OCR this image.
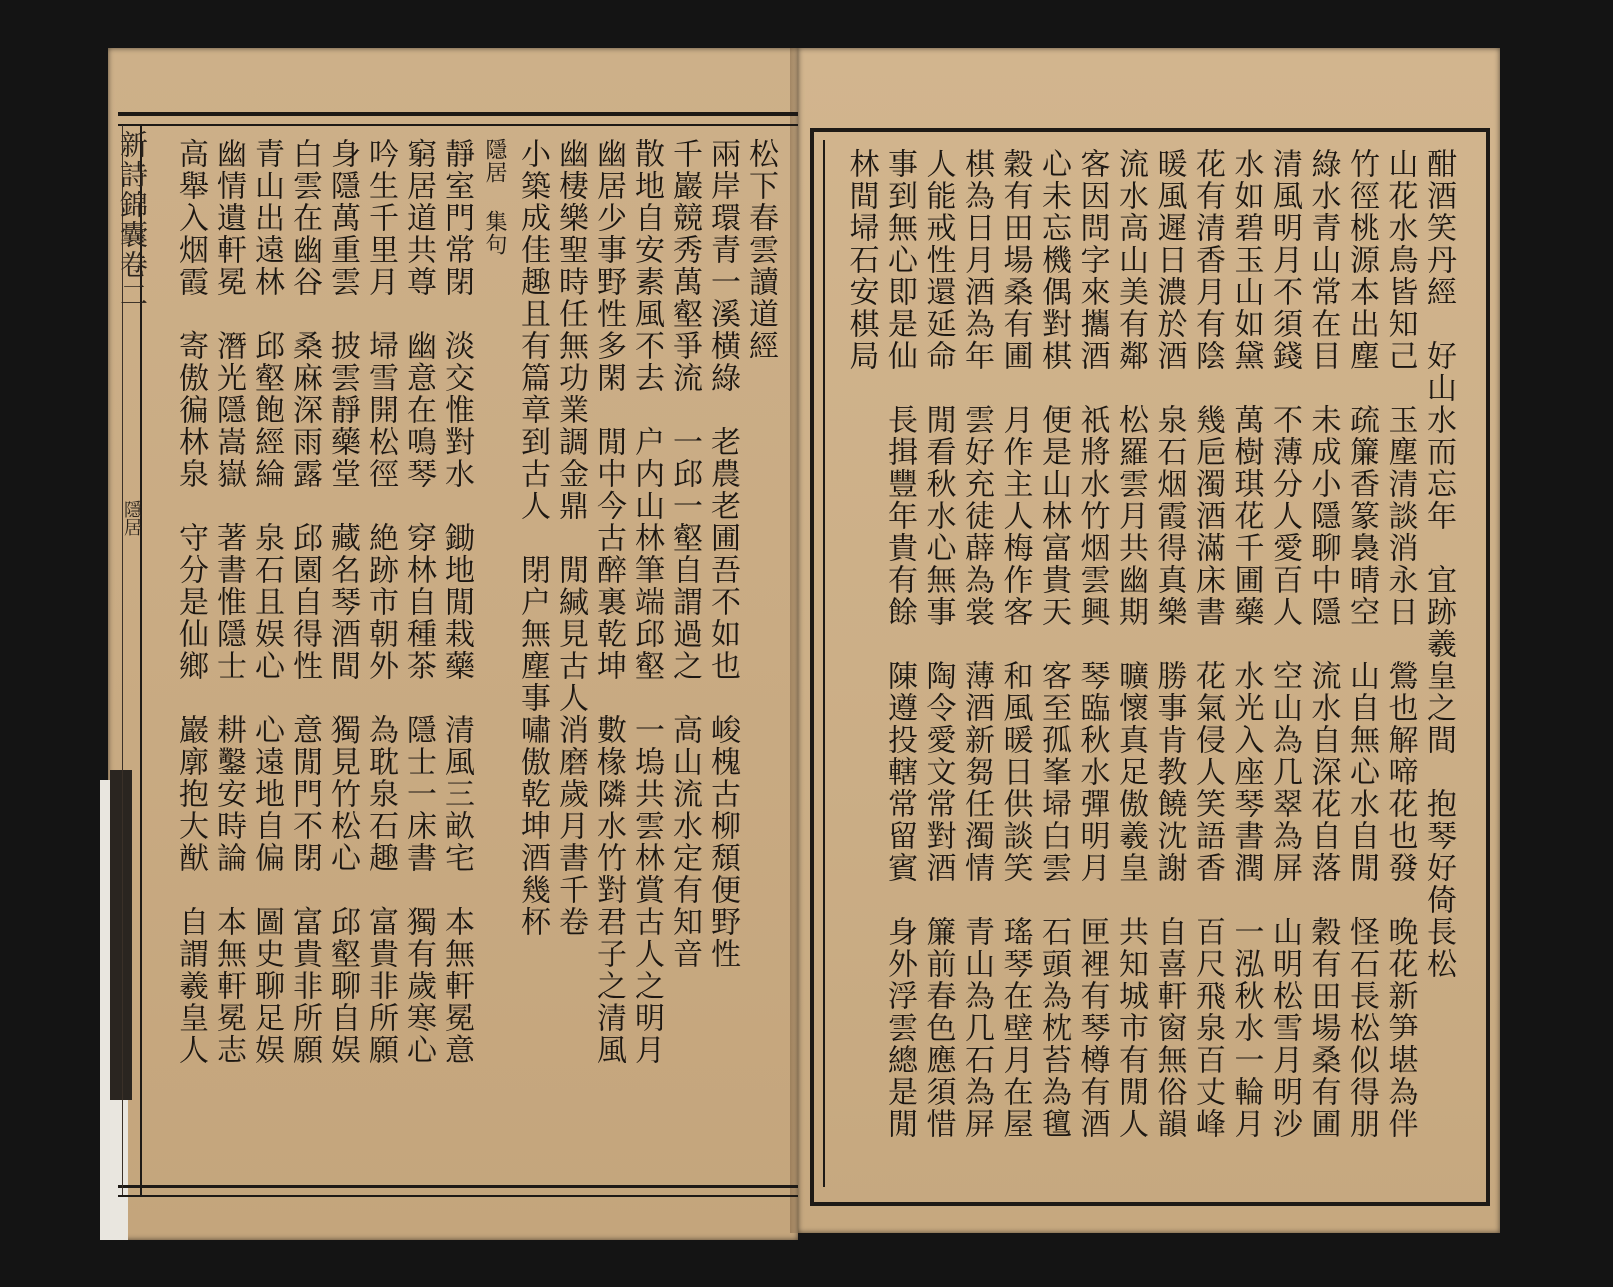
新詩錦囊卷二
隱居
松下春雲讀道經
兩岸環青一溪横綠　老農老圃吾不如也　峻槐古柳頹便野性
千巖競秀萬壑爭流　一邱一壑自謂過之　高山流水定有知音
散地自安素風不去　户内山林筆端邱壑　一塢共雲林賞古人之明月
幽居少事野性多閑　閒中今古醉裏乾坤　數椽隣水竹對君子之清風
幽棲樂聖時任無功業調金鼎　閒緘見古人消磨歲月書千卷
小築成佳趣且有篇章到古人　閉户無塵事嘯傲乾坤酒幾杯
隱居 集句
靜室門常閉　淡交惟對水　鋤地閒栽藥　清風三畝宅　本無軒冕意
窮居道共尊　幽意在鳴琴　穿林自種茶　隱士一床書　獨有歲寒心
吟生千里月　埽雪開松徑　絶跡市朝外　為耽泉石趣　富貴非所願
身隱萬重雲　披雲靜藥堂　藏名琴酒間　獨見竹松心　邱壑聊自娱
白雲在幽谷　桑麻深雨露　邱園自得性　意閒門不閉　富貴非所願
青山出遠林　邱壑飽經綸　泉石且娱心　心遠地自偏　圖史聊足娱
幽情遺軒冕　潛光隱嵩嶽　著書惟隱士　耕鑿安時論　本無軒冕志
高舉入烟霞　寄傲徧林泉　守分是仙鄉　巖廓抱大猷　自謂羲皇人	酣酒笑丹經　好山水而忘年　宜跡羲皇之間　抱琴好倚長松
山花水鳥皆知己　玉塵清談消永日　鶯也解啼花也發　晚花新笋堪為伴
竹徑桃源本出塵　疏簾香篆裊晴空　山自無心水自閒　怪石長松似得朋
綠水青山常在目　未成小隱聊中隱　流水自深花自落　穀有田場桑有圃
清風明月不須錢　不薄分人愛百人　空山為几翠為屏　山明松雪月明沙
水如碧玉山如黛　萬樹琪花千圃藥　水光入座琴書潤　一泓秋水一輪月
花有清香月有陰　幾巵濁酒滿床書　花氣侵人笑語香　百尺飛泉百丈峰
暖風遲日濃於酒　泉石烟霞得真樂　勝事肯教饒沈謝　自喜軒窗無俗韻
流水高山美有鄰　松羅雲月共幽期　曠懷真足傲羲皇　共知城市有閒人
客因問字來攜酒　祇將水竹烟雲興　琴臨秋水彈明月　匣裡有琴樽有酒
心未忘機偶對棋　便是山林富貴天　客至孤峯埽白雲　石頭為枕苔為氊
穀有田場桑有圃　月作主人梅作客　和風暖日供談笑　瑤琴在壁月在屋
棋為日月酒為年　雲好充徒薜為裳　薄酒新芻任濁情　青山為几石為屏
人能戒性還延命　閒看秋水心無事　陶令愛文常對酒　簾前春色應須惜
事到無心即是仙　長揖豐年貴有餘　陳遵投轄常留賓　身外浮雲總是閒
林間埽石安棋局
